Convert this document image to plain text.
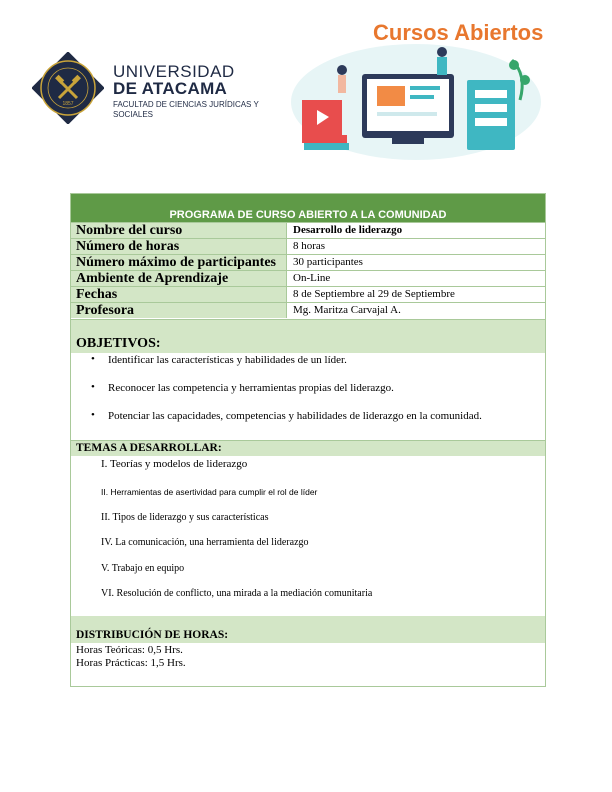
1857
UNIVERSIDAD
DE ATACAMA
FACULTAD DE CIENCIAS JURÍDICAS Y SOCIALES
Cursos Abiertos
PROGRAMA DE CURSO ABIERTO A LA COMUNIDAD
Nombre del curso	Desarrollo de liderazgo
Número de horas	8 horas
Número máximo de participantes	30 participantes
Ambiente de Aprendizaje	On-Line
Fechas	8 de Septiembre al 29 de Septiembre
Profesora	Mg. Maritza Carvajal A.
OBJETIVOS:
• Identificar las características y habilidades de un líder.
• Reconocer las competencia y herramientas propias del liderazgo.
• Potenciar las capacidades, competencias y habilidades de liderazgo en la comunidad.
TEMAS A DESARROLLAR:
I. Teorías y modelos de liderazgo
II. Herramientas de asertividad para cumplir el rol de líder
II. Tipos de liderazgo y sus características
IV. La comunicación, una herramienta del liderazgo
V. Trabajo en equipo
VI. Resolución de conflicto, una mirada a la mediación comunitaria
DISTRIBUCIÓN DE HORAS:
Horas Teóricas: 0,5 Hrs.
Horas Prácticas: 1,5 Hrs.
